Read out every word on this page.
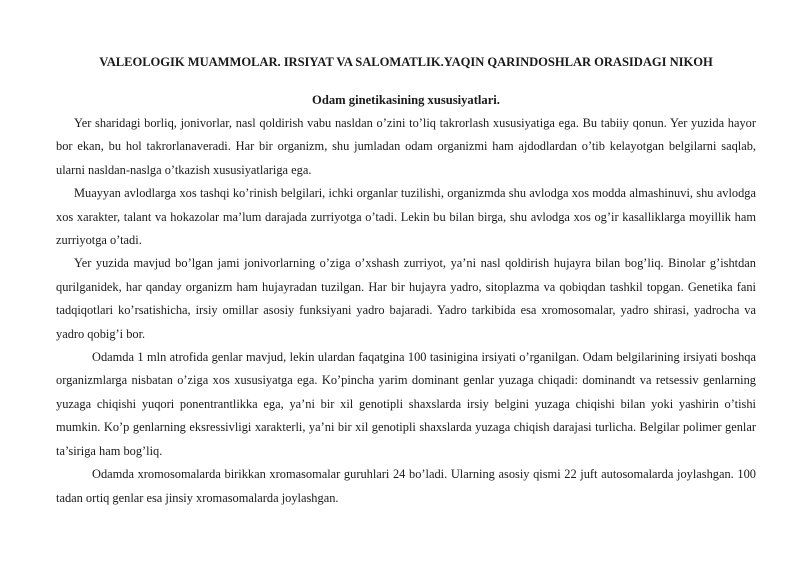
VALEOLOGIK MUAMMOLAR. IRSIYAT VA SALOMATLIK.YAQIN QARINDOSHLAR ORASIDAGI NIKOH
Odam ginetikasining xususiyatlari.

Yer sharidagi borliq, jonivorlar, nasl qoldirish vabu nasldan o’zini to’liq takrorlash xususiyatiga ega. Bu tabiiy qonun. Yer yuzida hayor bor ekan, bu hol takrorlanaveradi. Har bir organizm, shu jumladan odam organizmi ham ajdodlardan o’tib kelayotgan belgilarni saqlab, ularni nasldan-naslga o’tkazish xususiyatlariga ega.

Muayyan avlodlarga xos tashqi ko’rinish belgilari, ichki organlar tuzilishi, organizmda shu avlodga xos modda almashinuvi, shu avlodga xos xarakter, talant va hokazolar ma’lum darajada zurriyotga o’tadi. Lekin bu bilan birga, shu avlodga xos og’ir kasalliklarga moyillik ham zurriyotga o’tadi.

Yer yuzida mavjud bo’lgan jami jonivorlarning o’ziga o’xshash zurriyot, ya’ni nasl qoldirish hujayra bilan bog’liq. Binolar g’ishtdan qurilganidek, har qanday organizm ham hujayradan tuzilgan. Har bir hujayra yadro, sitoplazma va qobiqdan tashkil topgan. Genetika fani tadqiqotlari ko’rsatishicha, irsiy omillar asosiy funksiyani yadro bajaradi. Yadro tarkibida esa xromosomalar, yadro shirasi, yadrocha va yadro qobig’i bor.

Odamda 1 mln atrofida genlar mavjud, lekin ulardan faqatgina 100 tasinigina irsiyati o’rganilgan. Odam belgilarining irsiyati boshqa organizmlarga nisbatan o’ziga xos xususiyatga ega. Ko’pincha yarim dominant genlar yuzaga chiqadi: dominandt va retsessiv genlarning yuzaga chiqishi yuqori ponentrantlikka ega, ya’ni bir xil genotipli shaxslarda irsiy belgini yuzaga chiqishi bilan yoki yashirin o’tishi mumkin. Ko’p genlarning eksressivligi xarakterli, ya’ni bir xil genotipli shaxslarda yuzaga chiqish darajasi turlicha. Belgilar polimer genlar ta’siriga ham bog’liq.

Odamda xromosomalarda birikkan xromasomalar guruhlari 24 bo’ladi. Ularning asosiy qismi 22 juft autosomalarda joylashgan. 100 tadan ortiq genlar esa jinsiy xromasomalarda joylashgan.
